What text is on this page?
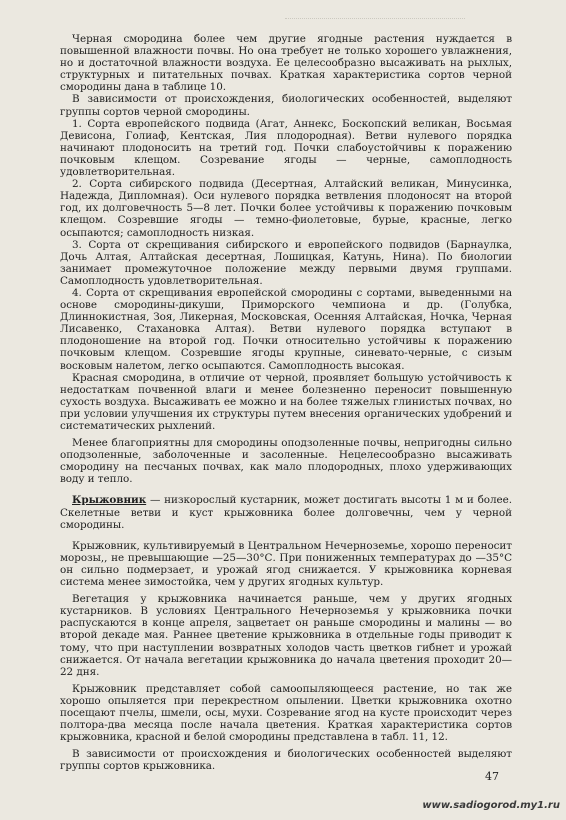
Черная смородина более чем другие ягодные растения нуждается в повышенной влажности почвы. Но она требует не только хорошего увлажнения, но и достаточной влажности воздуха. Ее целесообразно высаживать на рыхлых, структурных и питательных почвах. Краткая характеристика сортов черной смородины дана в таблице 10.

В зависимости от происхождения, биологических особенностей, выделяют группы сортов черной смородины.

1. Сорта европейского подвида (Агат, Аннекс, Боскопский великан, Восьмая Девисона, Голиаф, Кентская, Лия плодородная). Ветви нулевого порядка начинают плодоносить на третий год. Почки слабоустойчивы к поражению почковым клещом. Созревание ягоды — черные, самоплодность удовлетворительная.

2. Сорта сибирского подвида (Десертная, Алтайский великан, Минусинка, Надежда, Дипломная). Оси нулевого порядка ветвления плодоносят на второй год, их долговечность 5—8 лет. Почки более устойчивы к поражению почковым клещом. Созревшие ягоды — темно-фиолетовые, бурые, красные, легко осыпаются; самоплодность низкая.

3. Сорта от скрещивания сибирского и европейского подвидов (Барнаулка, Дочь Алтая, Алтайская десертная, Лошицкая, Катунь, Нина). По биологии занимает промежуточное положение между первыми двумя группами. Самоплодность удовлетворительная.

4. Сорта от скрещивания европейской смородины с сортами, выведенными на основе смородины-дикуши, Приморского чемпиона и др. (Голубка, Длиннокистная, Зоя, Ликерная, Московская, Осенняя Алтайская, Ночка, Черная Лисавенко, Стахановка Алтая). Ветви нулевого порядка вступают в плодоношение на второй год. Почки относительно устойчивы к поражению почковым клещом. Созревшие ягоды крупные, синевато-черные, с сизым восковым налетом, легко осыпаются. Самоплодность высокая.

Красная смородина, в отличие от черной, проявляет большую устойчивость к недостаткам почвенной влаги и менее болезненно переносит повышенную сухость воздуха. Высаживать ее можно и на более тяжелых глинистых почвах, но при условии улучшения их структуры путем внесения органических удобрений и систематических рыхлений.

Менее благоприятны для смородины оподзоленные почвы, непригодны сильно оподзоленные, заболоченные и засоленные. Нецелесообразно высаживать смородину на песчаных почвах, как мало плодородных, плохо удерживающих воду и тепло.

Крыжовник — низкорослый кустарник, может достигать высоты 1 м и более. Скелетные ветви и куст крыжовника более долговечны, чем у черной смородины.

Крыжовник, культивируемый в Центральном Нечерноземье, хорошо переносит морозы,, не превышающие —25—30°С. При пониженных температурах до —35°С он сильно подмерзает, и урожай ягод снижается. У крыжовника корневая система менее зимостойка, чем у других ягодных культур.

Вегетация у крыжовника начинается раньше, чем у других ягодных кустарников. В условиях Центрального Нечерноземья у крыжовника почки распускаются в конце апреля, зацветает он раньше смородины и малины — во второй декаде мая. Раннее цветение крыжовника в отдельные годы приводит к тому, что при наступлении возвратных холодов часть цветков гибнет и урожай снижается. От начала вегетации крыжовника до начала цветения проходит 20—22 дня.

Крыжовник представляет собой самоопыляющееся растение, но так же хорошо опыляется при перекрестном опылении. Цветки крыжовника охотно посещают пчелы, шмели, осы, мухи. Созревание ягод на кусте происходит через полтора-два месяца после начала цветения. Краткая характеристика сортов крыжовника, красной и белой смородины представлена в табл. 11, 12.

В зависимости от происхождения и биологических особенностей выделяют группы сортов крыжовника.

47
www.sadiogorod.my1.ru
